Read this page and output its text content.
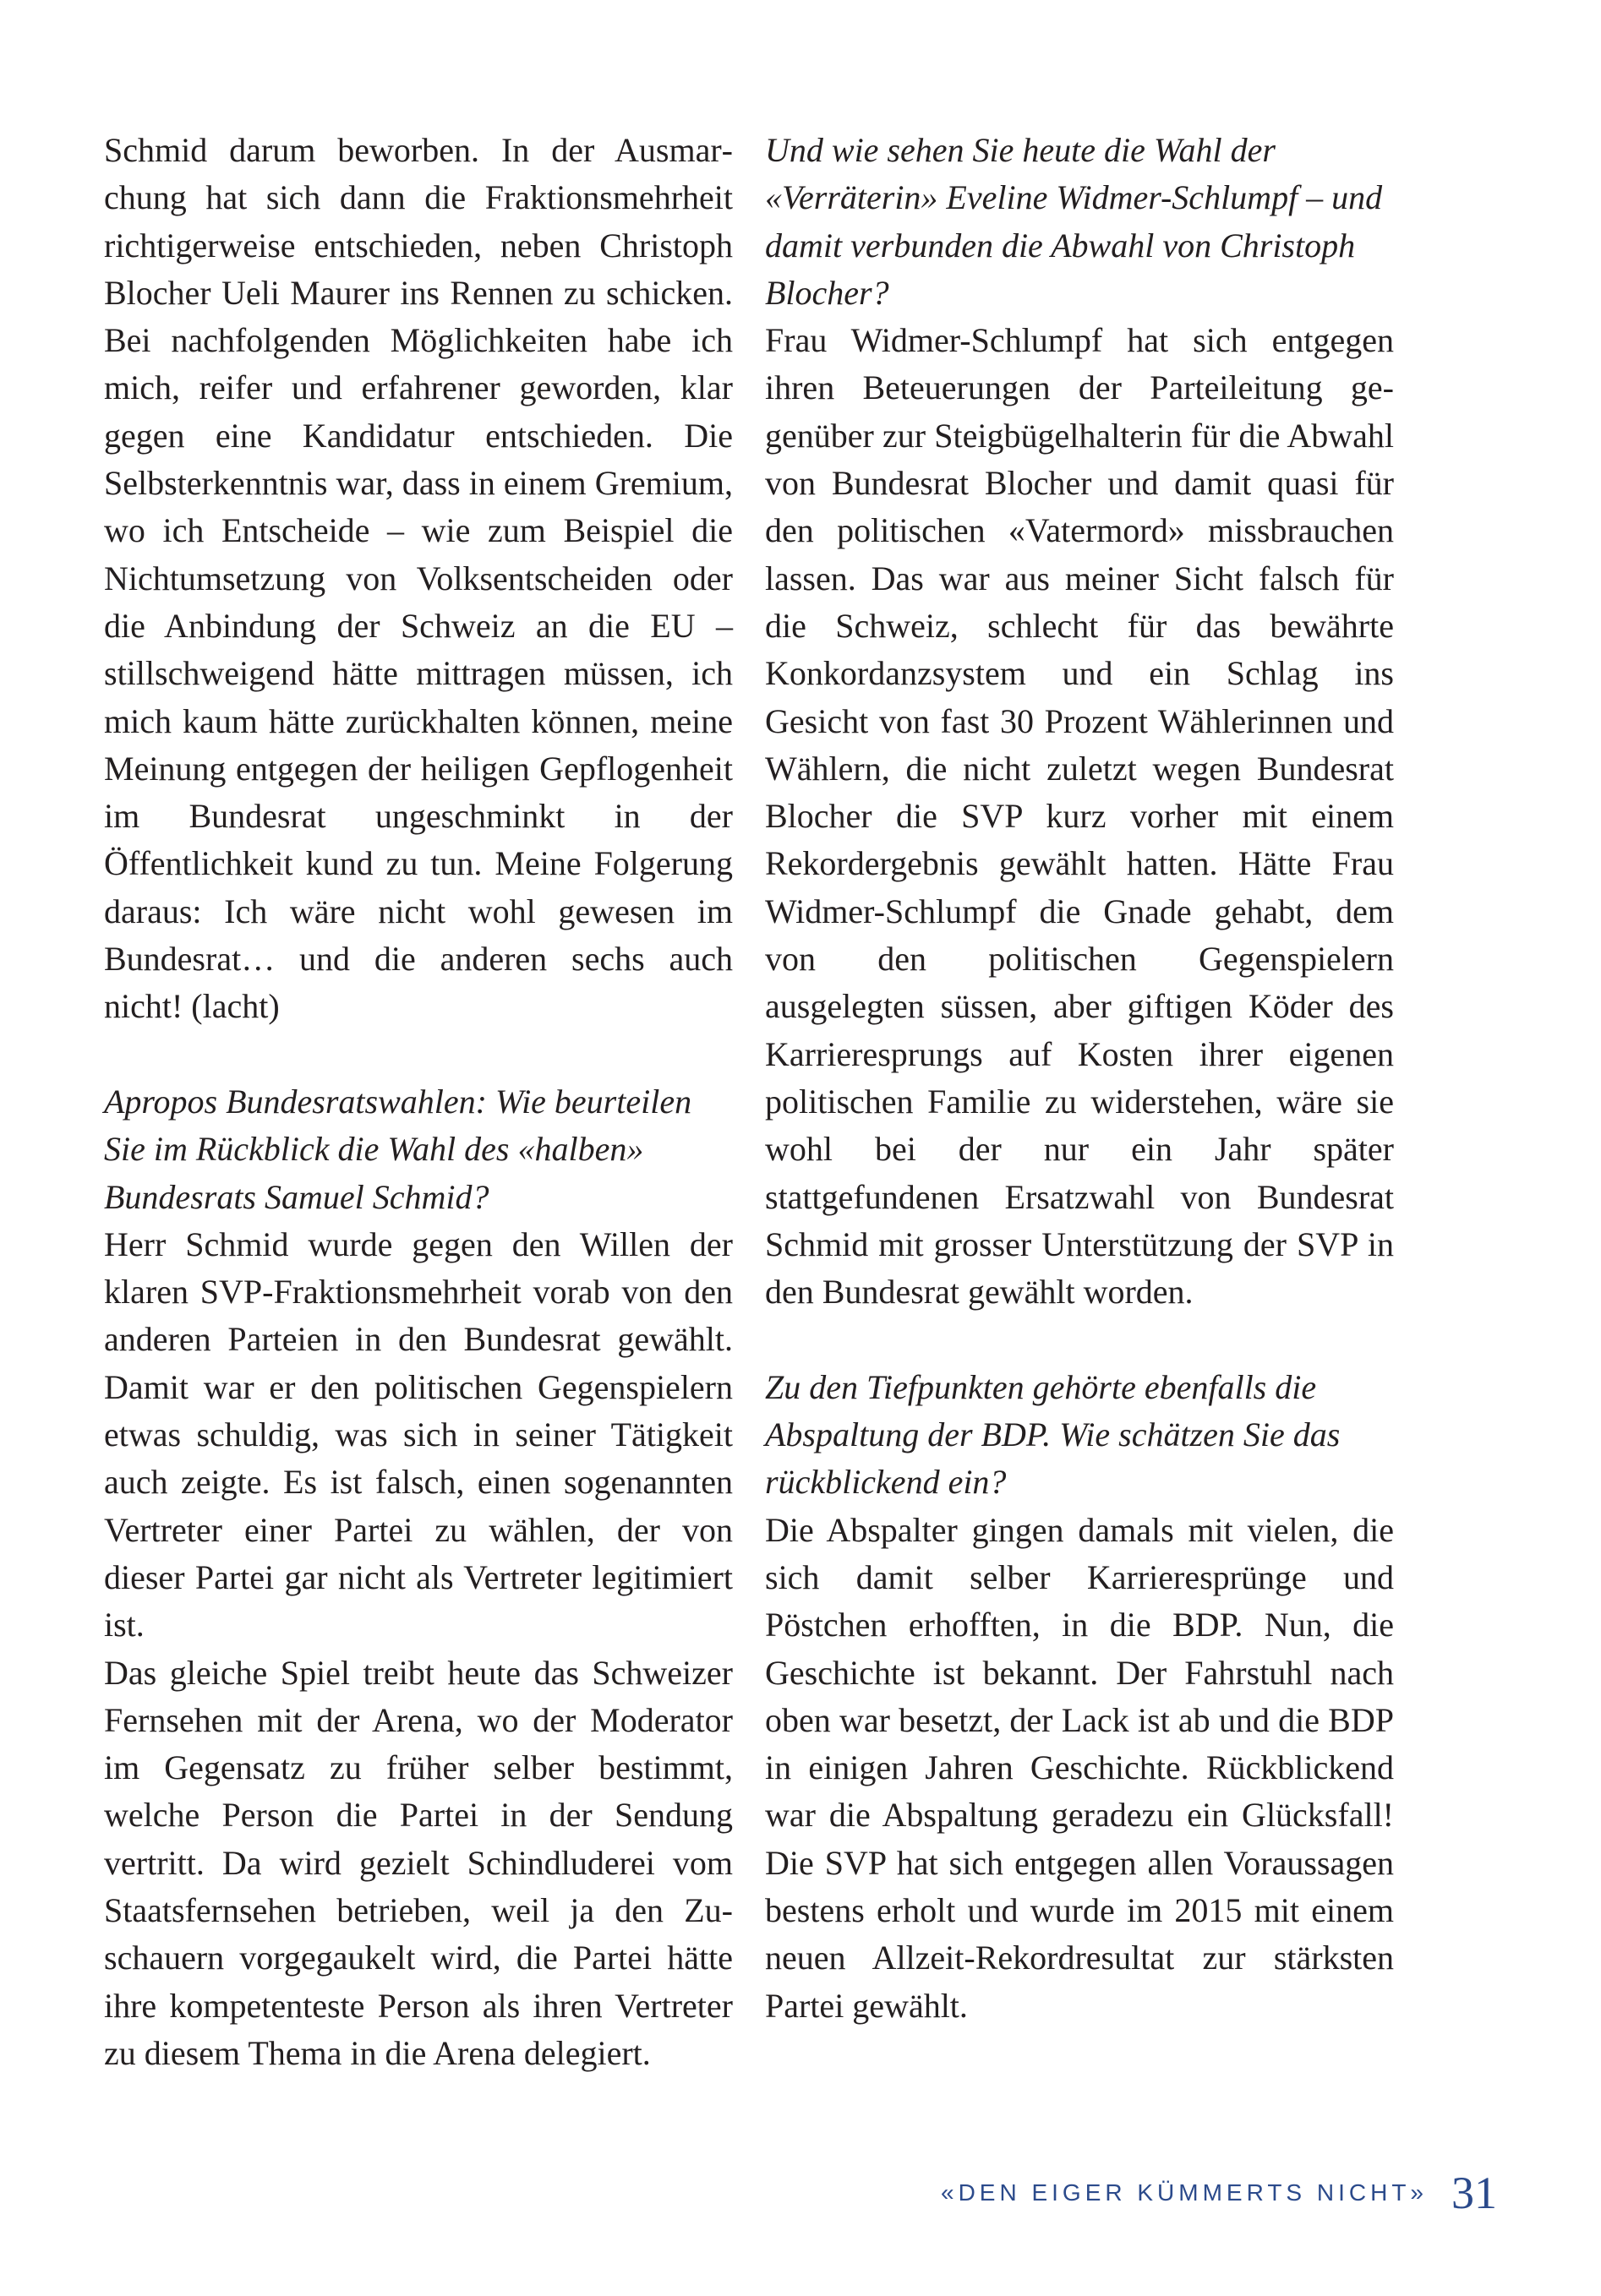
Schmid darum beworben. In der Ausmarchung hat sich dann die Fraktionsmehrheit richtigerweise entschieden, neben Christoph Blocher Ueli Maurer ins Rennen zu schicken. Bei nachfolgenden Möglichkeiten habe ich mich, reifer und erfahrener geworden, klar gegen eine Kandidatur entschieden. Die Selbsterkenntnis war, dass in einem Gremium, wo ich Entscheide – wie zum Beispiel die Nichtumsetzung von Volksentscheiden oder die Anbindung der Schweiz an die EU – stillschweigend hätte mittragen müssen, ich mich kaum hätte zurückhalten können, meine Meinung entgegen der heiligen Gepflogenheit im Bundesrat ungeschminkt in der Öffentlichkeit kund zu tun. Meine Folgerung daraus: Ich wäre nicht wohl gewesen im Bundesrat… und die anderen sechs auch nicht! (lacht)

Apropos Bundesratswahlen: Wie beurteilen Sie im Rückblick die Wahl des «halben» Bundesrats Samuel Schmid?

Herr Schmid wurde gegen den Willen der klaren SVP-Fraktionsmehrheit vorab von den anderen Parteien in den Bundesrat gewählt. Damit war er den politischen Gegenspielern etwas schuldig, was sich in seiner Tätigkeit auch zeigte. Es ist falsch, einen sogenannten Vertreter einer Partei zu wählen, der von dieser Partei gar nicht als Vertreter legitimiert ist.

Das gleiche Spiel treibt heute das Schweizer Fernsehen mit der Arena, wo der Moderator im Gegensatz zu früher selber bestimmt, welche Person die Partei in der Sendung vertritt. Da wird gezielt Schindluderei vom Staatsfernsehen betrieben, weil ja den Zuschauern vorgegaukelt wird, die Partei hätte ihre kompetenteste Person als ihren Vertreter zu diesem Thema in die Arena delegiert.

Und wie sehen Sie heute die Wahl der «Verräterin» Eveline Widmer-Schlumpf – und damit verbunden die Abwahl von Christoph Blocher?

Frau Widmer-Schlumpf hat sich entgegen ihren Beteuerungen der Parteileitung gegenüber zur Steigbügelhalterin für die Abwahl von Bundesrat Blocher und damit quasi für den politischen «Vatermord» missbrauchen lassen. Das war aus meiner Sicht falsch für die Schweiz, schlecht für das bewährte Konkordanzsystem und ein Schlag ins Gesicht von fast 30 Prozent Wählerinnen und Wählern, die nicht zuletzt wegen Bundesrat Blocher die SVP kurz vorher mit einem Rekordergebnis gewählt hatten. Hätte Frau Widmer-Schlumpf die Gnade gehabt, dem von den politischen Gegenspielern ausgelegten süssen, aber giftigen Köder des Karrieresprungs auf Kosten ihrer eigenen politischen Familie zu widerstehen, wäre sie wohl bei der nur ein Jahr später stattgefundenen Ersatzwahl von Bundesrat Schmid mit grosser Unterstützung der SVP in den Bundesrat gewählt worden.

Zu den Tiefpunkten gehörte ebenfalls die Abspaltung der BDP. Wie schätzen Sie das rückblickend ein?

Die Abspalter gingen damals mit vielen, die sich damit selber Karrieresprünge und Pöstchen erhofften, in die BDP. Nun, die Geschichte ist bekannt. Der Fahrstuhl nach oben war besetzt, der Lack ist ab und die BDP in einigen Jahren Geschichte. Rückblickend war die Abspaltung geradezu ein Glücksfall! Die SVP hat sich entgegen allen Voraussagen bestens erholt und wurde im 2015 mit einem neuen Allzeit-Rekordresultat zur stärksten Partei gewählt.

«DEN EIGER KÜMMERTS NICHT» 31
